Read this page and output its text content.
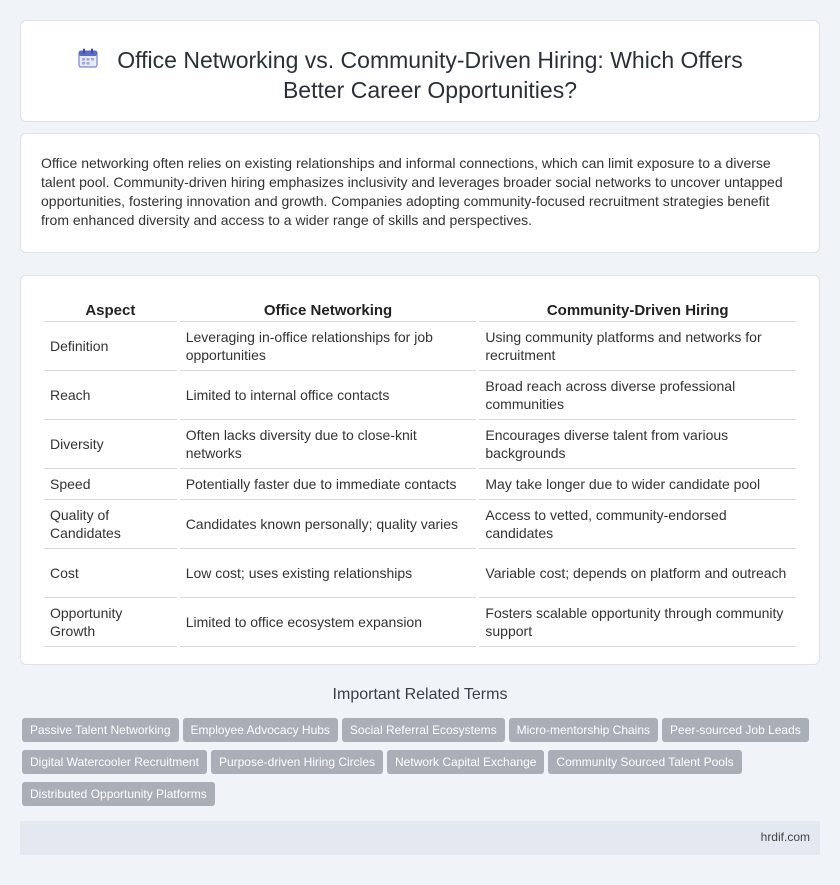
Office Networking vs. Community-Driven Hiring: Which Offers Better Career Opportunities?

Office networking often relies on existing relationships and informal connections, which can limit exposure to a diverse talent pool. Community-driven hiring emphasizes inclusivity and leverages broader social networks to uncover untapped opportunities, fostering innovation and growth. Companies adopting community-focused recruitment strategies benefit from enhanced diversity and access to a wider range of skills and perspectives.

Aspect	Office Networking	Community-Driven Hiring
Definition	Leveraging in-office relationships for job opportunities	Using community platforms and networks for recruitment
Reach	Limited to internal office contacts	Broad reach across diverse professional communities
Diversity	Often lacks diversity due to close-knit networks	Encourages diverse talent from various backgrounds
Speed	Potentially faster due to immediate contacts	May take longer due to wider candidate pool
Quality of Candidates	Candidates known personally; quality varies	Access to vetted, community-endorsed candidates
Cost	Low cost; uses existing relationships	Variable cost; depends on platform and outreach
Opportunity Growth	Limited to office ecosystem expansion	Fosters scalable opportunity through community support
Important Related Terms
Passive Talent Networking Employee Advocacy Hubs Social Referral Ecosystems Micro-mentorship Chains Peer-sourced Job Leads
Digital Watercooler Recruitment Purpose-driven Hiring Circles Network Capital Exchange Community Sourced Talent Pools
Distributed Opportunity Platforms
hrdif.com
